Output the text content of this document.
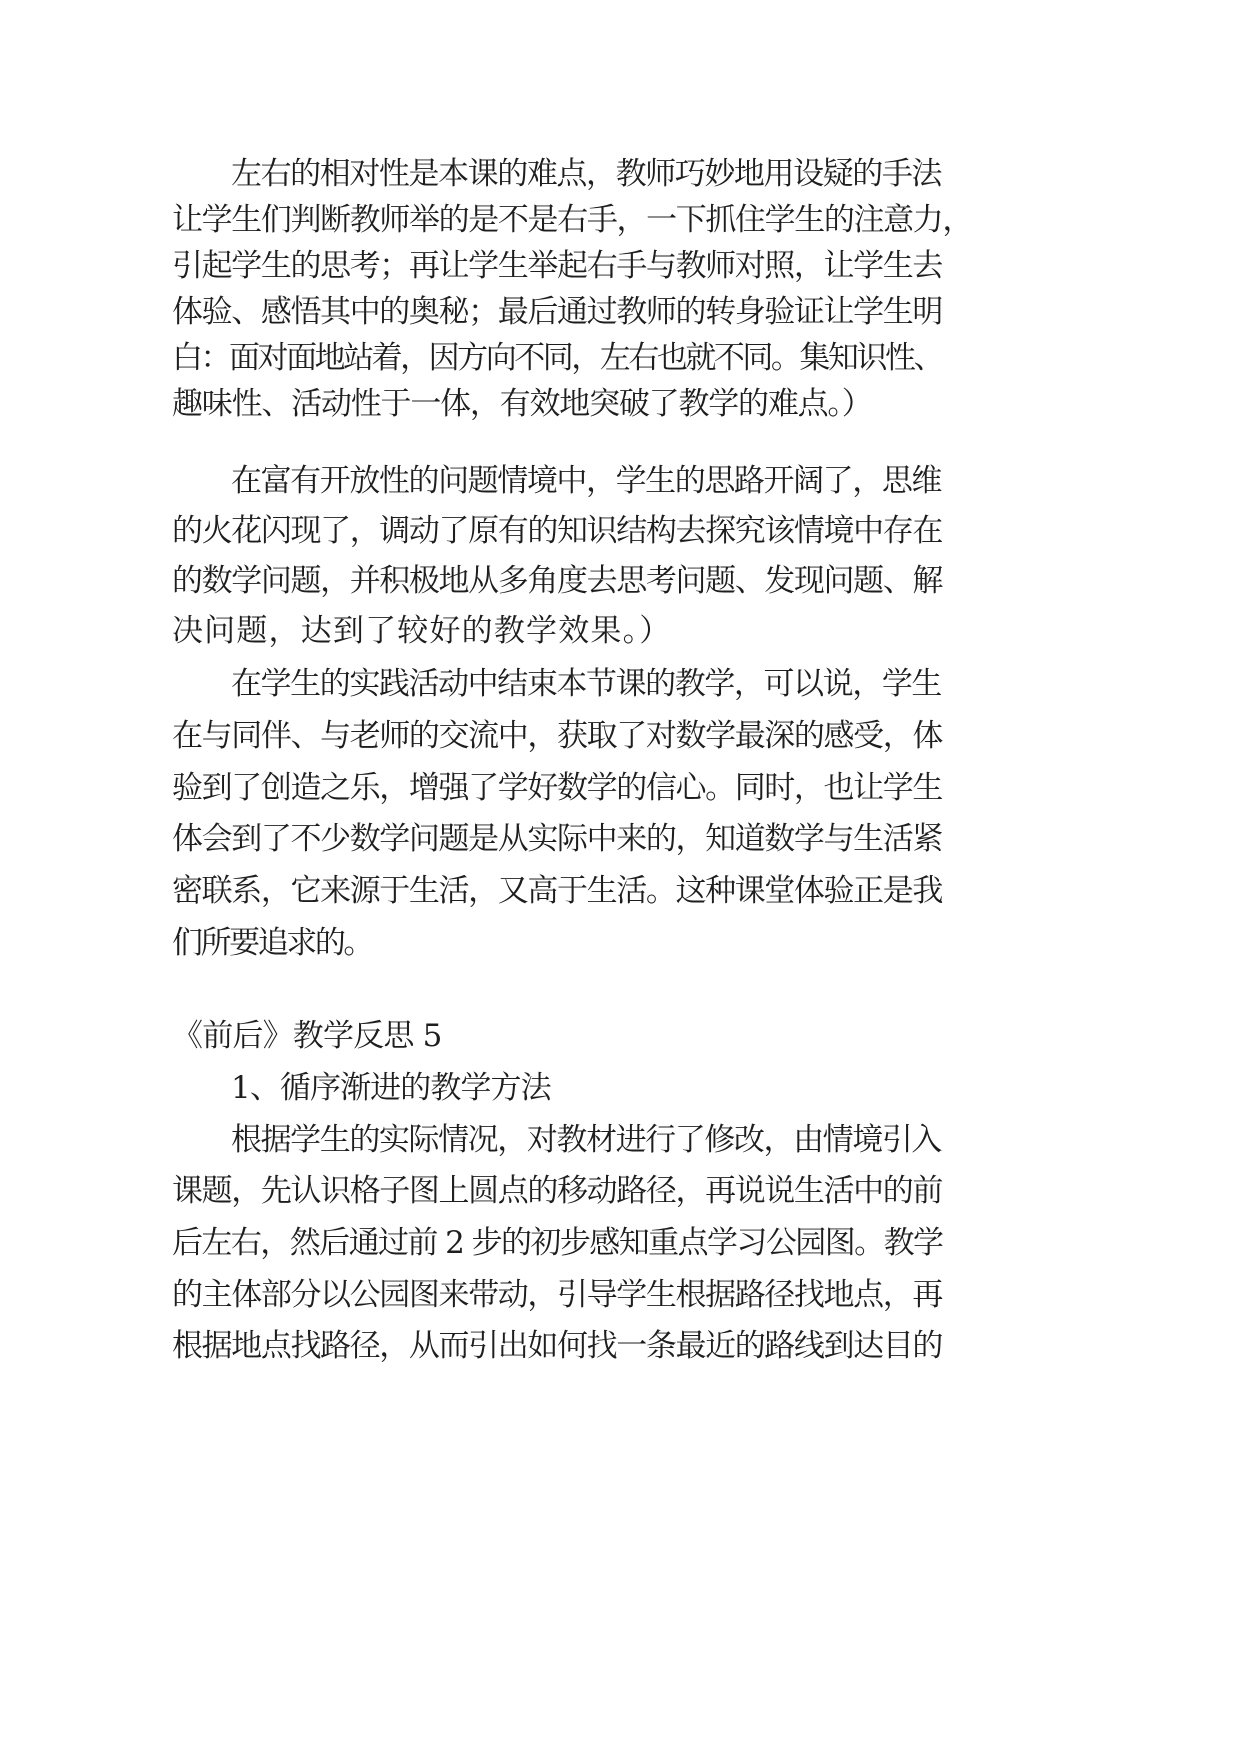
左右的相对性是本课的难点，教师巧妙地用设疑的手法
让学生们判断教师举的是不是右手，一下抓住学生的注意力，
引起学生的思考；再让学生举起右手与教师对照，让学生去
体验、感悟其中的奥秘；最后通过教师的转身验证让学生明
白：面对面地站着，因方向不同，左右也就不同。集知识性、
趣味性、活动性于一体，有效地突破了教学的难点。）
在富有开放性的问题情境中，学生的思路开阔了，思维
的火花闪现了，调动了原有的知识结构去探究该情境中存在
的数学问题，并积极地从多角度去思考问题、发现问题、解
决问题，达到了较好的教学效果。）
在学生的实践活动中结束本节课的教学，可以说，学生
在与同伴、与老师的交流中，获取了对数学最深的感受，体
验到了创造之乐，增强了学好数学的信心。同时，也让学生
体会到了不少数学问题是从实际中来的，知道数学与生活紧
密联系，它来源于生活，又高于生活。这种课堂体验正是我
们所要追求的。
《前后》教学反思 5
1、循序渐进的教学方法
根据学生的实际情况，对教材进行了修改，由情境引入
课题，先认识格子图上圆点的移动路径，再说说生活中的前
后左右，然后通过前 2 步的初步感知重点学习公园图。教学
的主体部分以公园图来带动，引导学生根据路径找地点，再
根据地点找路径，从而引出如何找一条最近的路线到达目的
